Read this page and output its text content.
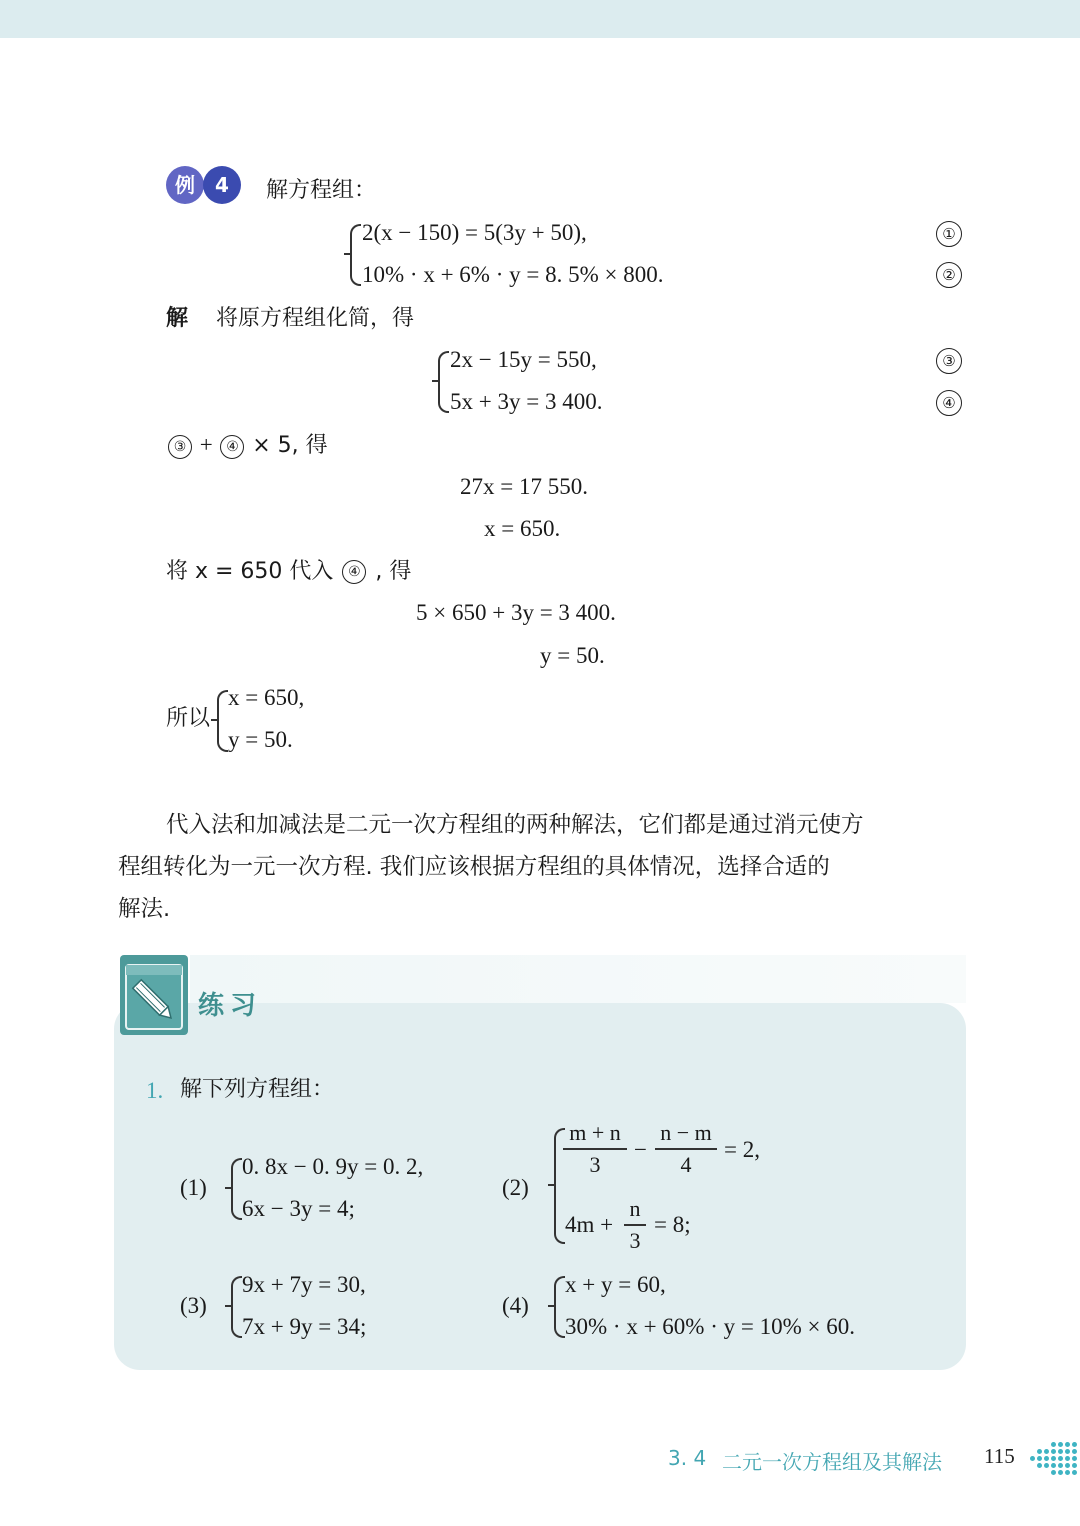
例	4	解方程组：
2(x − 150) = 5(3y + 50),
10% · x + 6% · y = 8. 5% × 800.
①
②
解 将原方程组化简，得
2x − 15y = 550,
5x + 3y = 3 400.
③
④
③ + ④ × 5, 得
27x = 17 550.
x = 650.
将 x = 650 代入 ④ , 得
5 × 650 + 3y = 3 400.
y = 50.
所以
x = 650,
y = 50.
代入法和加减法是二元一次方程组的两种解法，它们都是通过消元使方
程组转化为一元一次方程. 我们应该根据方程组的具体情况，选择合适的
解法.
练习
1. 解下列方程组：
(1)
0. 8x − 0. 9y = 0. 2,
6x − 3y = 4;
(2)
m + n
3
−
n − m
4
= 2,
4m +
n
3
= 8;
(3)
9x + 7y = 30,
7x + 9y = 34;
(4)
x + y = 60,
30% · x + 60% · y = 10% × 60.
3. 4 二元一次方程组及其解法 115
